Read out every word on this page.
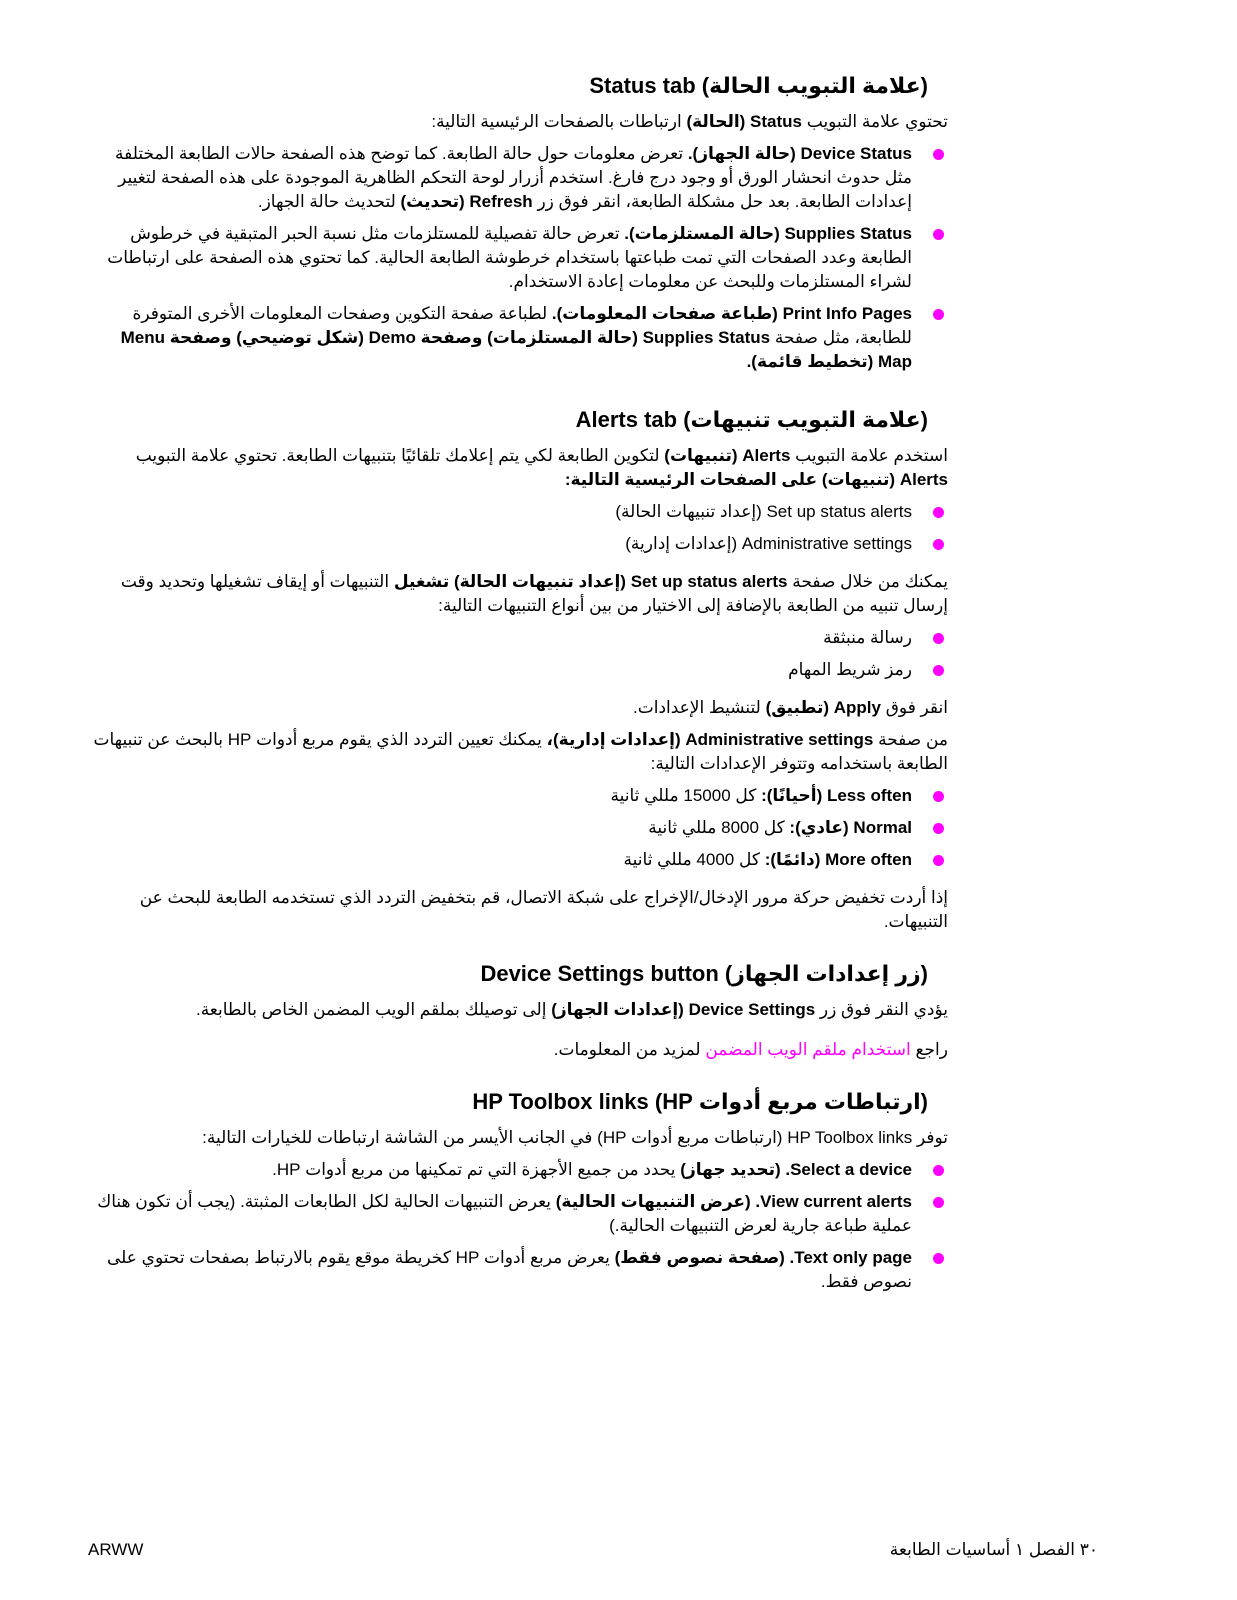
(علامة التبويب الحالة) Status tab

تحتوي علامة التبويب Status (الحالة) ارتباطات بالصفحات الرئيسية التالية:

Device Status (حالة الجهاز). تعرض معلومات حول حالة الطابعة. كما توضح هذه الصفحة حالات الطابعة المختلفة مثل حدوث انحشار الورق أو وجود درج فارغ. استخدم أزرار لوحة التحكم الظاهرية الموجودة على هذه الصفحة لتغيير إعدادات الطابعة. بعد حل مشكلة الطابعة، انقر فوق زر Refresh (تحديث) لتحديث حالة الجهاز.
Supplies Status (حالة المستلزمات). تعرض حالة تفصيلية للمستلزمات مثل نسبة الحبر المتبقية في خرطوش الطابعة وعدد الصفحات التي تمت طباعتها باستخدام خرطوشة الطابعة الحالية. كما تحتوي هذه الصفحة على ارتباطات لشراء المستلزمات وللبحث عن معلومات إعادة الاستخدام.
Print Info Pages (طباعة صفحات المعلومات). لطباعة صفحة التكوين وصفحات المعلومات الأخرى المتوفرة للطابعة، مثل صفحة Supplies Status (حالة المستلزمات) وصفحة Demo (شكل توضيحي) وصفحة Menu Map (تخطيط قائمة).
(علامة التبويب تنبيهات) Alerts tab

استخدم علامة التبويب Alerts (تنبيهات) لتكوين الطابعة لكي يتم إعلامك تلقائيًا بتنبيهات الطابعة. تحتوي علامة التبويب Alerts (تنبيهات) على الصفحات الرئيسية التالية:

Set up status alerts (إعداد تنبيهات الحالة)
Administrative settings (إعدادات إدارية)

يمكنك من خلال صفحة Set up status alerts (إعداد تنبيهات الحالة) تشغيل التنبيهات أو إيقاف تشغيلها وتحديد وقت إرسال تنبيه من الطابعة بالإضافة إلى الاختيار من بين أنواع التنبيهات التالية:

رسالة منبثقة
رمز شريط المهام

انقر فوق Apply (تطبيق) لتنشيط الإعدادات.

من صفحة Administrative settings (إعدادات إدارية)، يمكنك تعيين التردد الذي يقوم مربع أدوات HP بالبحث عن تنبيهات الطابعة باستخدامه وتتوفر الإعدادات التالية:

Less often (أحيانًا): كل 15000 مللي ثانية
Normal (عادي): كل 8000 مللي ثانية
More often (دائمًا): كل 4000 مللي ثانية

إذا أردت تخفيض حركة مرور الإدخال/الإخراج على شبكة الاتصال، قم بتخفيض التردد الذي تستخدمه الطابعة للبحث عن التنبيهات.

(زر إعدادات الجهاز) Device Settings button

يؤدي النقر فوق زر Device Settings (إعدادات الجهاز) إلى توصيلك بملقم الويب المضمن الخاص بالطابعة.

راجع استخدام ملقم الويب المضمن لمزيد من المعلومات.

(ارتباطات مربع أدوات HP) HP Toolbox links

توفر HP Toolbox links (ارتباطات مربع أدوات HP) في الجانب الأيسر من الشاشة ارتباطات للخيارات التالية:

Select a device. (تحديد جهاز) يحدد من جميع الأجهزة التي تم تمكينها من مربع أدوات HP.
View current alerts. (عرض التنبيهات الحالية) يعرض التنبيهات الحالية لكل الطابعات المثبتة. (يجب أن تكون هناك عملية طباعة جارية لعرض التنبيهات الحالية.)
Text only page. (صفحة نصوص فقط) يعرض مربع أدوات HP كخريطة موقع يقوم بالارتباط بصفحات تحتوي على نصوص فقط.
ARWW	٣٠ الفصل ١ أساسيات الطابعة
